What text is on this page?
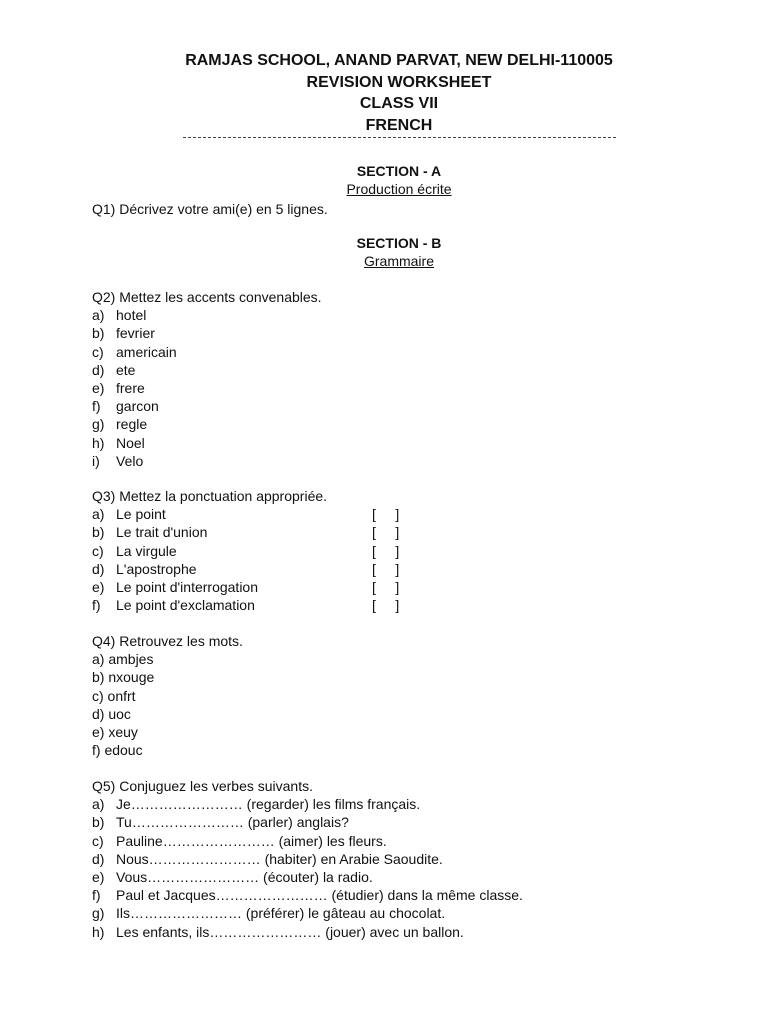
RAMJAS SCHOOL, ANAND PARVAT, NEW DELHI-110005
REVISION WORKSHEET
CLASS VII
FRENCH
SECTION - A
Production écrite
Q1) Décrivez votre ami(e) en 5 lignes.
SECTION - B
Grammaire
Q2) Mettez les accents convenables.
a) hotel
b) fevrier
c) americain
d) ete
e) frere
f)	garcon
g) regle
h) Noel
i)	Velo
Q3) Mettez la ponctuation appropriée.
a) Le point	[     ]
b) Le trait d'union	[     ]
c) La virgule	[     ]
d) L'apostrophe	[     ]
e) Le point d'interrogation	[     ]
f)	Le point d'exclamation	[     ]
Q4) Retrouvez les mots.
a) ambjes
b) nxouge
c) onfrt
d) uoc
e) xeuy
f) edouc
Q5) Conjuguez les verbes suivants.
a) Je…………………… (regarder) les films français.
b) Tu…………………… (parler) anglais?
c) Pauline…………………… (aimer) les fleurs.
d) Nous…………………… (habiter) en Arabie Saoudite.
e) Vous…………………… (écouter) la radio.
f)	Paul et Jacques…………………… (étudier) dans la même classe.
g) Ils…………………… (préférer) le gâteau au chocolat.
h) Les enfants, ils…………………… (jouer) avec un ballon.
